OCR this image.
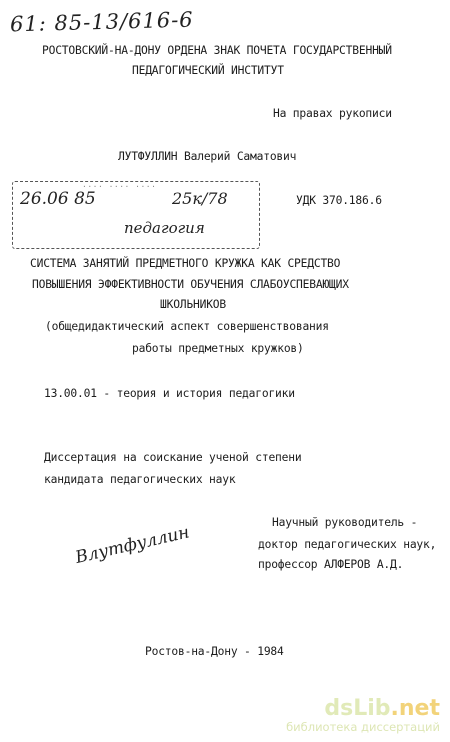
61: 85-13/616-6
РОСТОВСКИЙ-НА-ДОНУ ОРДЕНА ЗНАК ПОЧЕТА ГОСУДАРСТВЕННЫЙ
ПЕДАГОГИЧЕСКИЙ ИНСТИТУТ
На правах рукописи
ЛУТФУЛЛИН Валерий Саматович
···· ···· ····
26.06 85	25к/78
педагогия
УДК 370.186.6
СИСТЕМА ЗАНЯТИЙ ПРЕДМЕТНОГО КРУЖКА КАК СРЕДСТВО
ПОВЫШЕНИЯ ЭФФЕКТИВНОСТИ ОБУЧЕНИЯ СЛАБОУСПЕВАЮЩИХ
ШКОЛЬНИКОВ
(общедидактический аспект совершенствования
работы предметных кружков)
13.00.01 - теория и история педагогики
Диссертация на соискание ученой степени
кандидата педагогических наук
Научный руководитель -
доктор педагогических наук,
профессор АЛФЕРОВ А.Д.
Влутфуллин
Ростов-на-Дону - 1984
dsLib.net
библиотека диссертаций
